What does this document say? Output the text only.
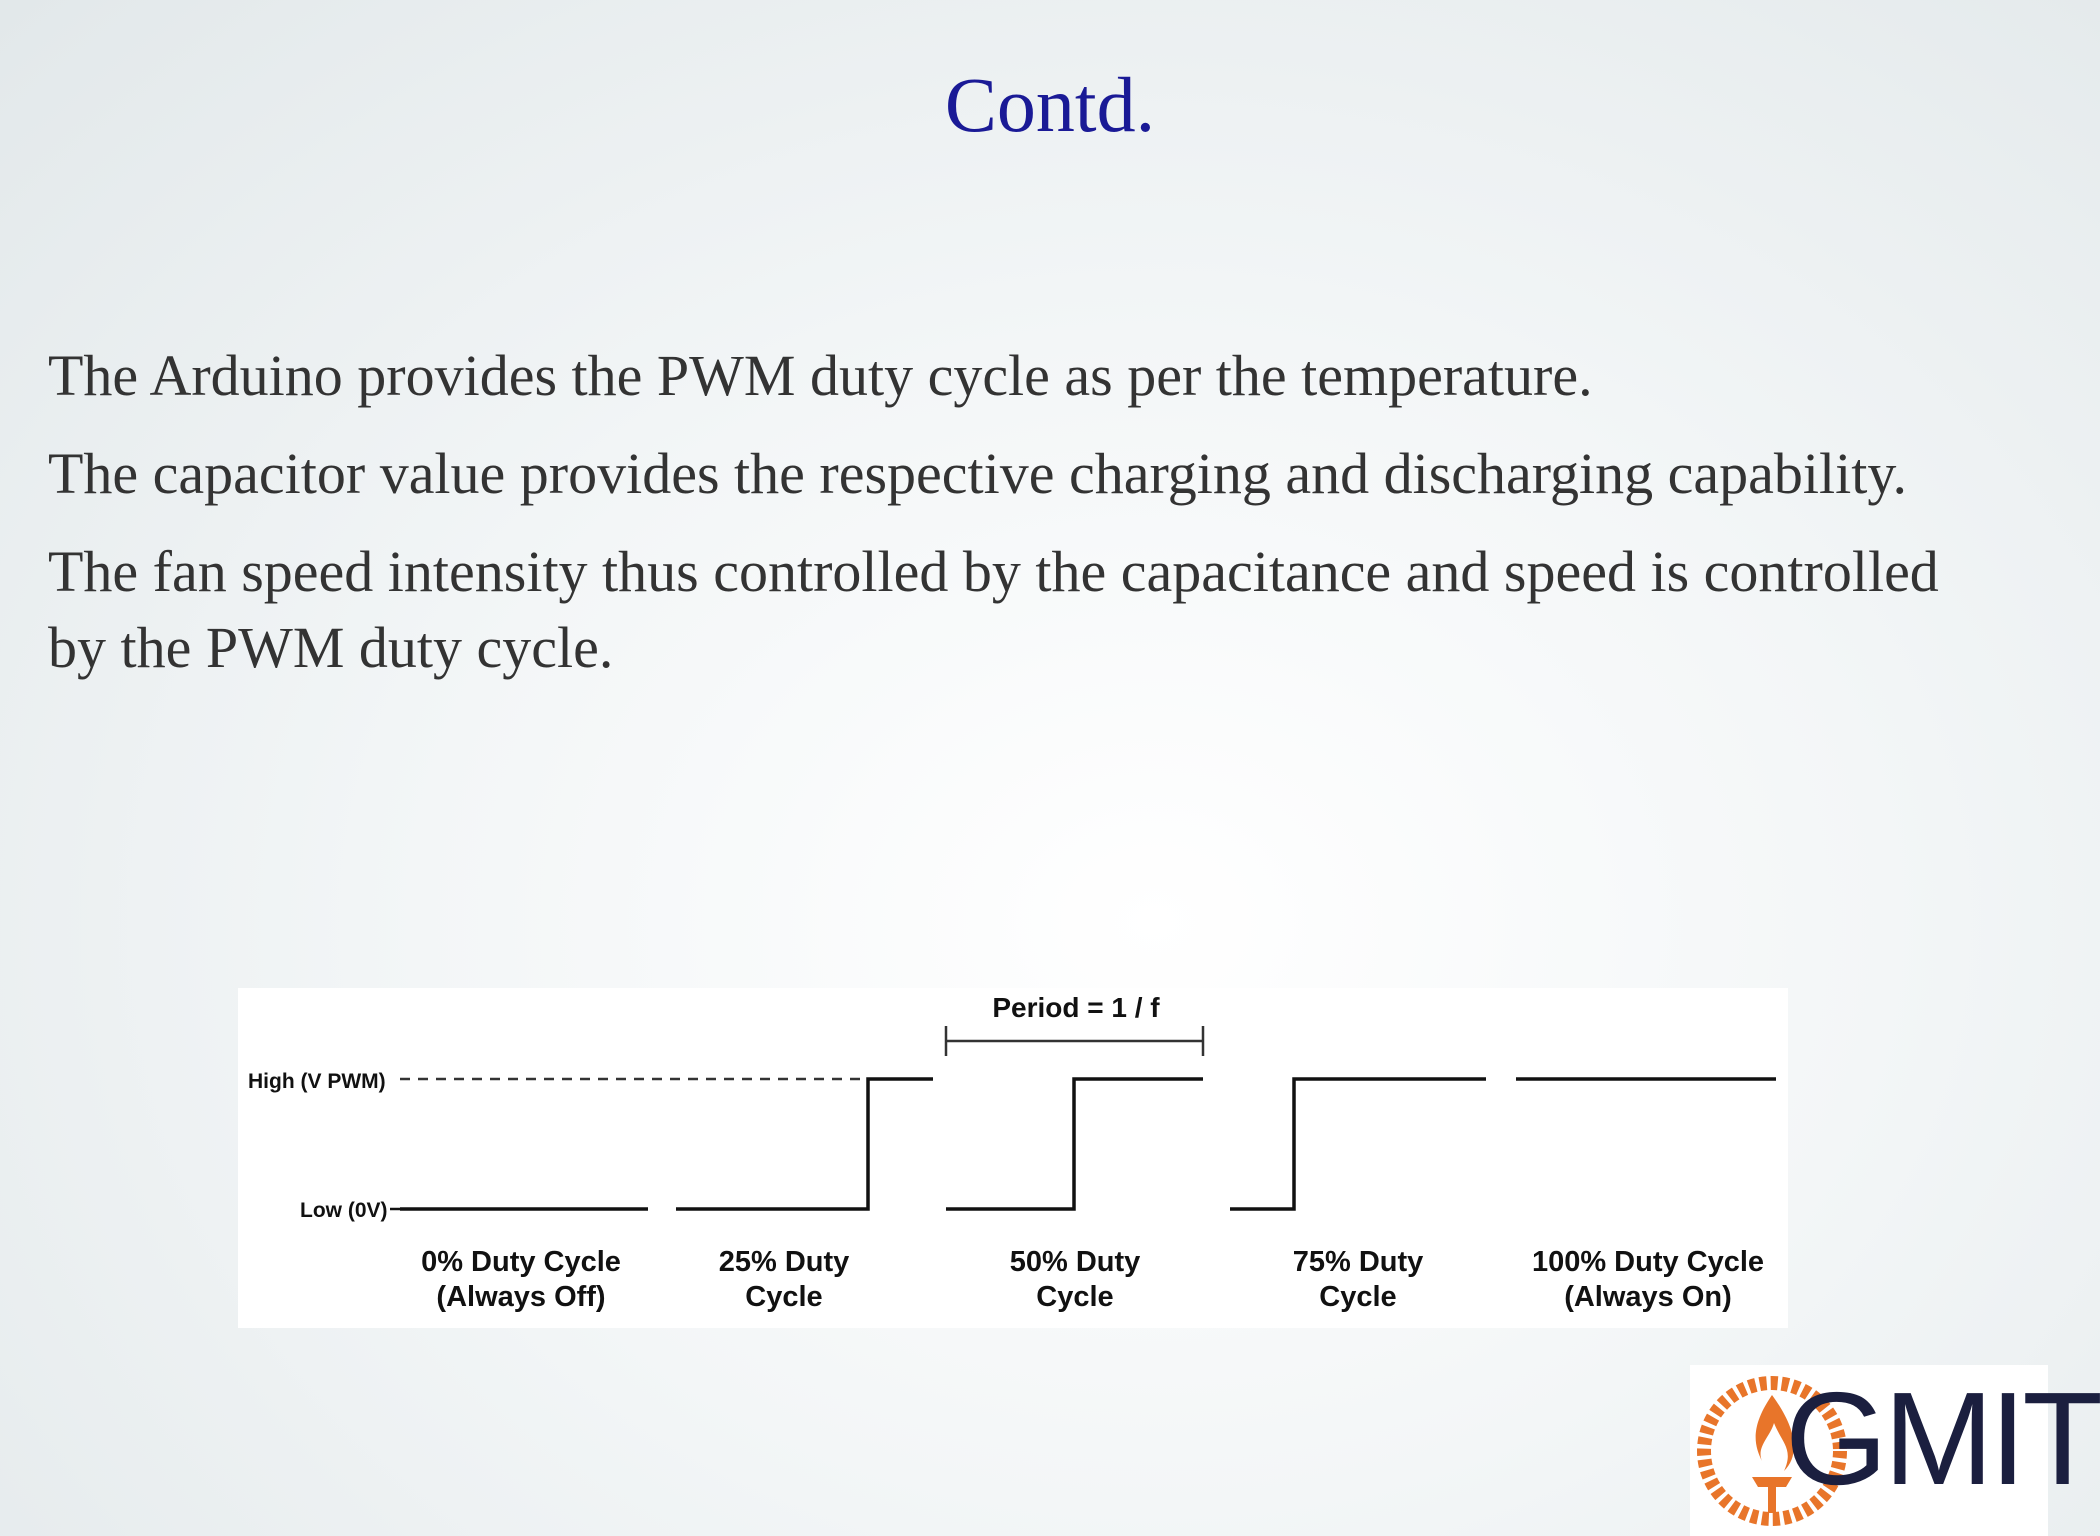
Contd.

The Arduino provides the PWM duty cycle as per the temperature.

The capacitor value provides the respective charging and discharging capability.

The fan speed intensity thus controlled by the capacitance and speed is controlled by the PWM duty cycle.

High (V PWM)
Low (0V)
Period = 1 / f
0% Duty Cycle
(Always Off)
25% Duty
Cycle
50% Duty
Cycle
75% Duty
Cycle
100% Duty Cycle
(Always On)
GMIT
